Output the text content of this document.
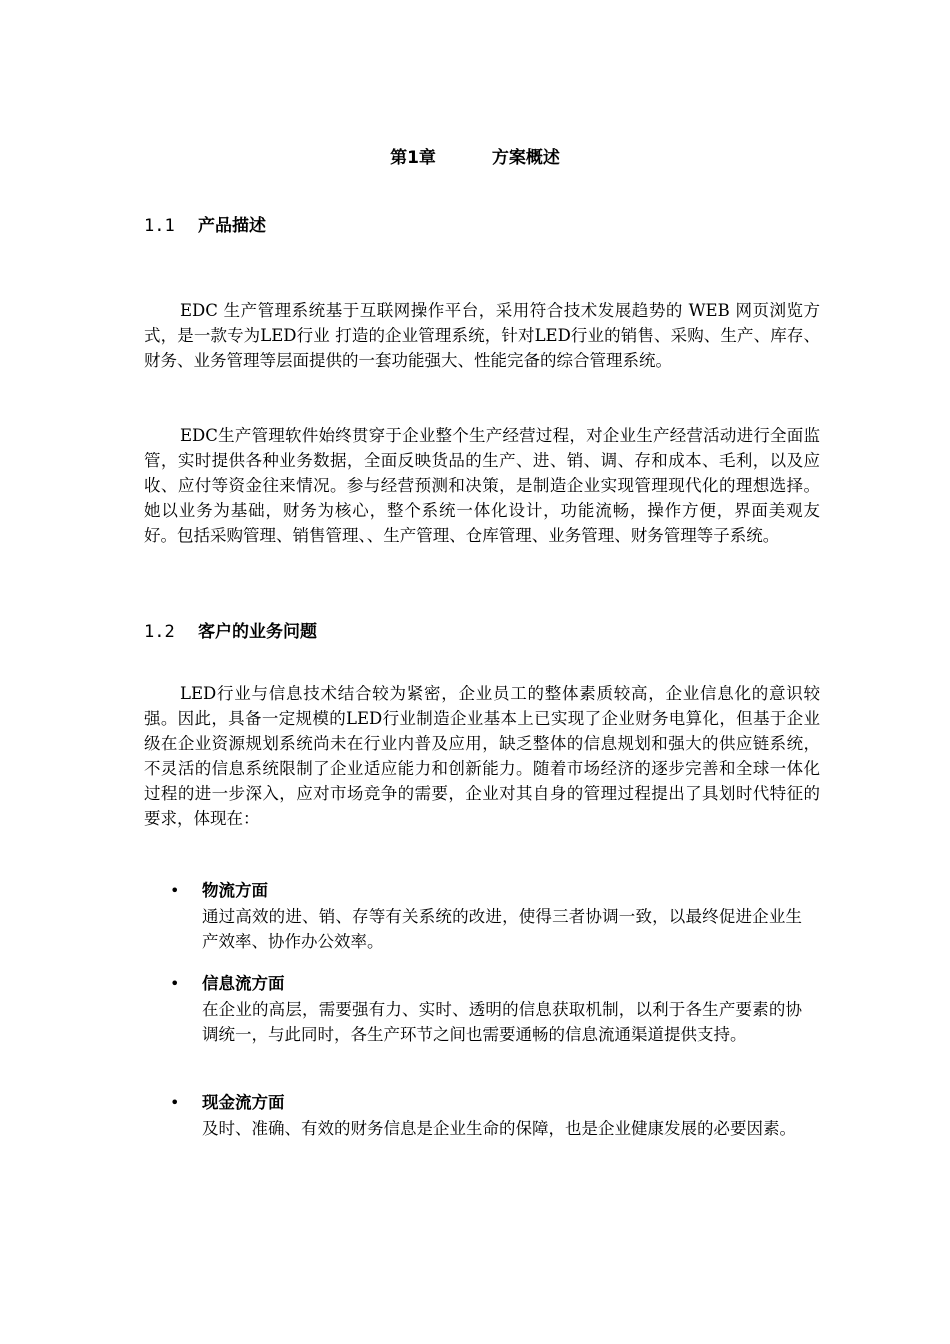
第1章	方案概述
1.1 产品描述

EDC 生产管理系统基于互联网操作平台，采用符合技术发展趋势的 WEB 网页浏览方式，是一款专为LED行业 打造的企业管理系统，针对LED行业的销售、采购、生产、库存、财务、业务管理等层面提供的一套功能强大、性能完备的综合管理系统。

EDC生产管理软件始终贯穿于企业整个生产经营过程，对企业生产经营活动进行全面监管，实时提供各种业务数据，全面反映货品的生产、进、销、调、存和成本、毛利，以及应收、应付等资金往来情况。参与经营预测和决策，是制造企业实现管理现代化的理想选择。她以业务为基础，财务为核心，整个系统一体化设计，功能流畅，操作方便，界面美观友好。包括采购管理、销售管理、、生产管理、仓库管理、业务管理、财务管理等子系统。

1.2 客户的业务问题

LED行业与信息技术结合较为紧密，企业员工的整体素质较高，企业信息化的意识较强。因此，具备一定规模的LED行业制造企业基本上已实现了企业财务电算化，但基于企业级在企业资源规划系统尚未在行业内普及应用，缺乏整体的信息规划和强大的供应链系统，不灵活的信息系统限制了企业适应能力和创新能力。随着市场经济的逐步完善和全球一体化过程的进一步深入，应对市场竞争的需要，企业对其自身的管理过程提出了具划时代特征的要求，体现在：

• 物流方面

通过高效的进、销、存等有关系统的改进，使得三者协调一致，以最终促进企业生产效率、协作办公效率。

• 信息流方面

在企业的高层，需要强有力、实时、透明的信息获取机制，以利于各生产要素的协调统一，与此同时，各生产环节之间也需要通畅的信息流通渠道提供支持。

• 现金流方面

及时、准确、有效的财务信息是企业生命的保障，也是企业健康发展的必要因素。
